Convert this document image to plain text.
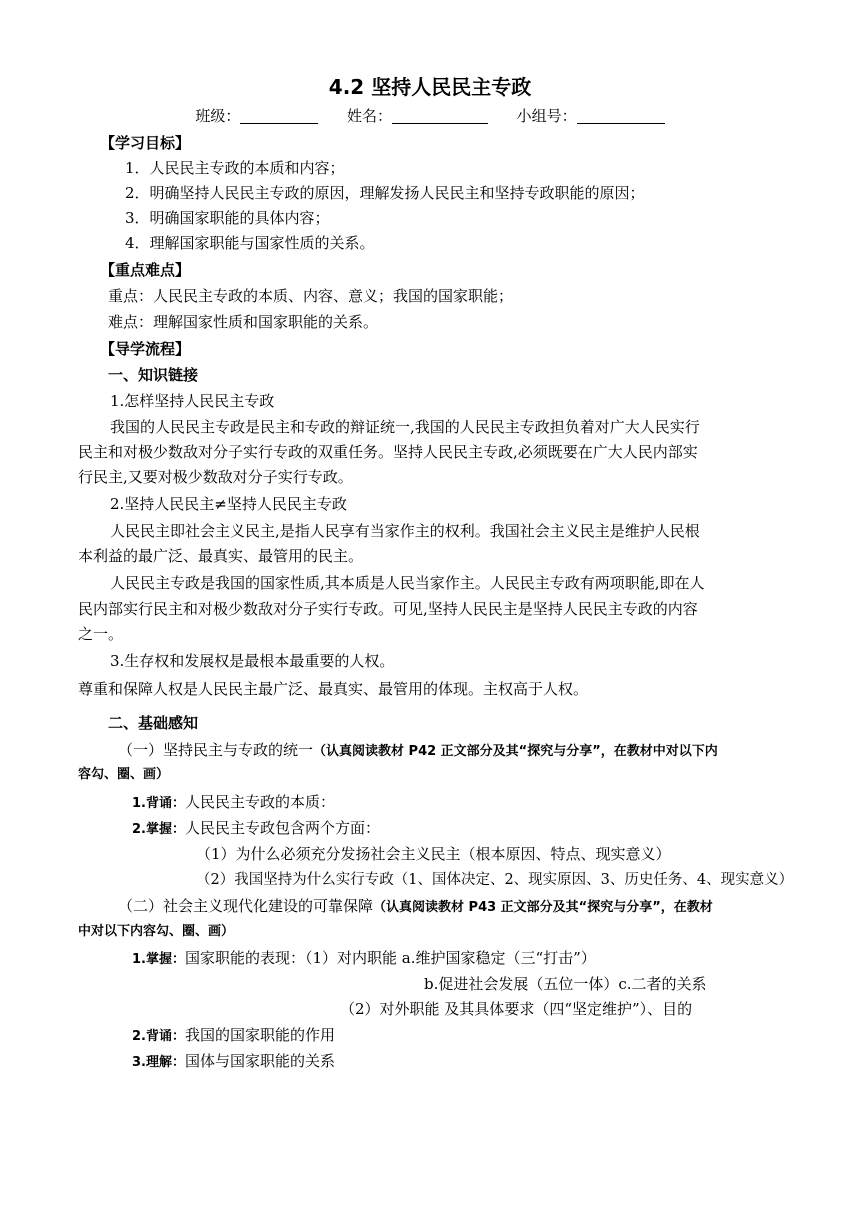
4.2 坚持人民民主专政
班级：	姓名：	小组号：
【学习目标】
1．人民民主专政的本质和内容；
2．明确坚持人民民主专政的原因，理解发扬人民民主和坚持专政职能的原因；
3．明确国家职能的具体内容；
4．理解国家职能与国家性质的关系。
【重点难点】
重点：人民民主专政的本质、内容、意义；我国的国家职能；
难点：理解国家性质和国家职能的关系。
【导学流程】
一、知识链接
1.怎样坚持人民民主专政
我国的人民民主专政是民主和专政的辩证统一,我国的人民民主专政担负着对广大人民实行
民主和对极少数敌对分子实行专政的双重任务。坚持人民民主专政,必须既要在广大人民内部实
行民主,又要对极少数敌对分子实行专政。
2.坚持人民民主≠坚持人民民主专政
人民民主即社会主义民主,是指人民享有当家作主的权利。我国社会主义民主是维护人民根
本利益的最广泛、最真实、最管用的民主。
人民民主专政是我国的国家性质,其本质是人民当家作主。人民民主专政有两项职能,即在人
民内部实行民主和对极少数敌对分子实行专政。可见,坚持人民民主是坚持人民民主专政的内容
之一。
3.生存权和发展权是最根本最重要的人权。
尊重和保障人权是人民民主最广泛、最真实、最管用的体现。主权高于人权。
二、基础感知
（一）坚持民主与专政的统一（认真阅读教材 P42 正文部分及其“探究与分享”，在教材中对以下内
容勾、圈、画）
1.背诵：人民民主专政的本质：
2.掌握：人民民主专政包含两个方面：
（1）为什么必须充分发扬社会主义民主（根本原因、特点、现实意义）
（2）我国坚持为什么实行专政（1、国体决定、2、现实原因、3、历史任务、4、现实意义）
（二）社会主义现代化建设的可靠保障（认真阅读教材 P43 正文部分及其“探究与分享”，在教材
中对以下内容勾、圈、画）
1.掌握：国家职能的表现：（1）对内职能 a.维护国家稳定（三“打击”）
b.促进社会发展（五位一体）c.二者的关系
（2）对外职能 及其具体要求（四“坚定维护”）、目的
2.背诵：我国的国家职能的作用
3.理解：国体与国家职能的关系
